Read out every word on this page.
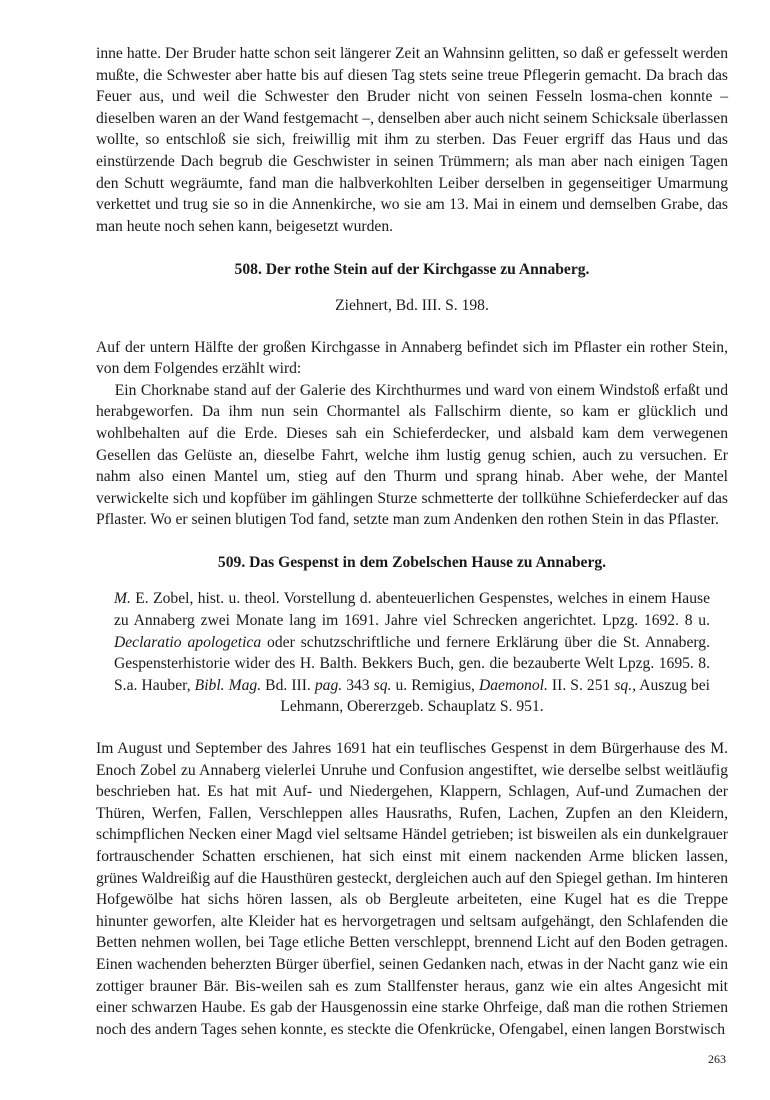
inne hatte. Der Bruder hatte schon seit längerer Zeit an Wahnsinn gelitten, so daß er gefesselt werden mußte, die Schwester aber hatte bis auf diesen Tag stets seine treue Pflegerin gemacht. Da brach das Feuer aus, und weil die Schwester den Bruder nicht von seinen Fesseln losma-chen konnte – dieselben waren an der Wand festgemacht –, denselben aber auch nicht seinem Schicksale überlassen wollte, so entschloß sie sich, freiwillig mit ihm zu sterben. Das Feuer ergriff das Haus und das einstürzende Dach begrub die Geschwister in seinen Trümmern; als man aber nach einigen Tagen den Schutt wegräumte, fand man die halbverkohlten Leiber derselben in gegenseitiger Umarmung verkettet und trug sie so in die Annenkirche, wo sie am 13. Mai in einem und demselben Grabe, das man heute noch sehen kann, beigesetzt wurden.

508. Der rothe Stein auf der Kirchgasse zu Annaberg.

Ziehnert, Bd. III. S. 198.

Auf der untern Hälfte der großen Kirchgasse in Annaberg befindet sich im Pflaster ein rother Stein, von dem Folgendes erzählt wird:

Ein Chorknabe stand auf der Galerie des Kirchthurmes und ward von einem Windstoß erfaßt und herabgeworfen. Da ihm nun sein Chormantel als Fallschirm diente, so kam er glücklich und wohlbehalten auf die Erde. Dieses sah ein Schieferdecker, und alsbald kam dem verwegenen Gesellen das Gelüste an, dieselbe Fahrt, welche ihm lustig genug schien, auch zu versuchen. Er nahm also einen Mantel um, stieg auf den Thurm und sprang hinab. Aber wehe, der Mantel verwickelte sich und kopfüber im gählingen Sturze schmetterte der tollkühne Schieferdecker auf das Pflaster. Wo er seinen blutigen Tod fand, setzte man zum Andenken den rothen Stein in das Pflaster.

509. Das Gespenst in dem Zobelschen Hause zu Annaberg.

M. E. Zobel, hist. u. theol. Vorstellung d. abenteuerlichen Gespenstes, welches in einem Hause zu Annaberg zwei Monate lang im 1691. Jahre viel Schrecken angerichtet. Lpzg. 1692. 8 u. Declaratio apologetica oder schutzschriftliche und fernere Erklärung über die St. Annaberg. Gespensterhistorie wider des H. Balth. Bekkers Buch, gen. die bezauberte Welt Lpzg. 1695. 8. S.a. Hauber, Bibl. Mag. Bd. III. pag. 343 sq. u. Remigius, Daemonol. II. S. 251 sq., Auszug bei Lehmann, Obererzgeb. Schauplatz S. 951.

Im August und September des Jahres 1691 hat ein teuflisches Gespenst in dem Bürgerhause des M. Enoch Zobel zu Annaberg vielerlei Unruhe und Confusion angestiftet, wie derselbe selbst weitläufig beschrieben hat. Es hat mit Auf- und Niedergehen, Klappern, Schlagen, Auf-und Zumachen der Thüren, Werfen, Fallen, Verschleppen alles Hausraths, Rufen, Lachen, Zupfen an den Kleidern, schimpflichen Necken einer Magd viel seltsame Händel getrieben; ist bisweilen als ein dunkelgrauer fortrauschender Schatten erschienen, hat sich einst mit einem nackenden Arme blicken lassen, grünes Waldreißig auf die Hausthüren gesteckt, dergleichen auch auf den Spiegel gethan. Im hinteren Hofgewölbe hat sichs hören lassen, als ob Bergleute arbeiteten, eine Kugel hat es die Treppe hinunter geworfen, alte Kleider hat es hervorgetragen und seltsam aufgehängt, den Schlafenden die Betten nehmen wollen, bei Tage etliche Betten verschleppt, brennend Licht auf den Boden getragen. Einen wachenden beherzten Bürger überfiel, seinen Gedanken nach, etwas in der Nacht ganz wie ein zottiger brauner Bär. Bis-weilen sah es zum Stallfenster heraus, ganz wie ein altes Angesicht mit einer schwarzen Haube. Es gab der Hausgenossin eine starke Ohrfeige, daß man die rothen Striemen noch des andern Tages sehen konnte, es steckte die Ofenkrücke, Ofengabel, einen langen Borstwisch

263
